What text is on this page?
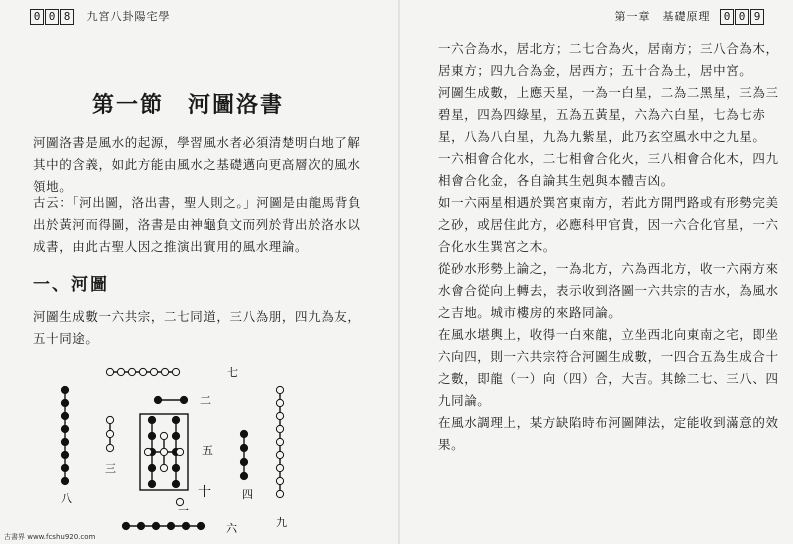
0 0 8 九宮八卦陽宅學
第一節　河圖洛書
河圖洛書是風水的起源，學習風水者必須清楚明白地了解其中的含義，如此方能由風水之基礎邁向更高層次的風水領地。
古云：「河出圖，洛出書，聖人則之。」河圖是由龍馬背負出於黃河而得圖，洛書是由神龜負文而列於背出於洛水以成書，由此古聖人因之推演出實用的風水理論。
一、河圖
河圖生成數一六共宗，二七同道，三八為朋，四九為友，五十同途。
七
二
五
十
三
八	四
九
一
六
古書界 www.fcshu920.com
第一章　基礎原理 0 0 9

一六合為水，居北方；二七合為火，居南方；三八合為木，居東方；四九合為金，居西方；五十合為土，居中宮。

河圖生成數，上應天星，一為一白星，二為二黑星，三為三碧星，四為四綠星，五為五黃星，六為六白星，七為七赤星，八為八白星，九為九紫星，此乃玄空風水中之九星。

一六相會合化水，二七相會合化火，三八相會合化木，四九相會合化金，各自論其生剋與本體吉凶。

如一六兩星相遇於巽宮東南方，若此方開門路或有形勢完美之砂，或居住此方，必應科甲官貴，因一六合化官星，一六合化水生巽宮之木。

從砂水形勢上論之，一為北方，六為西北方，收一六兩方來水會合從向上轉去，表示收到洛圖一六共宗的吉水，為風水之吉地。城市樓房的來路同論。

在風水堪輿上，收得一白來龍，立坐西北向東南之宅，即坐六向四，則一六共宗符合河圖生成數，一四合五為生成合十之數，即龍（一）向（四）合，大吉。其餘二七、三八、四九同論。

在風水調理上，某方缺陷時布河圖陣法，定能收到滿意的效果。
